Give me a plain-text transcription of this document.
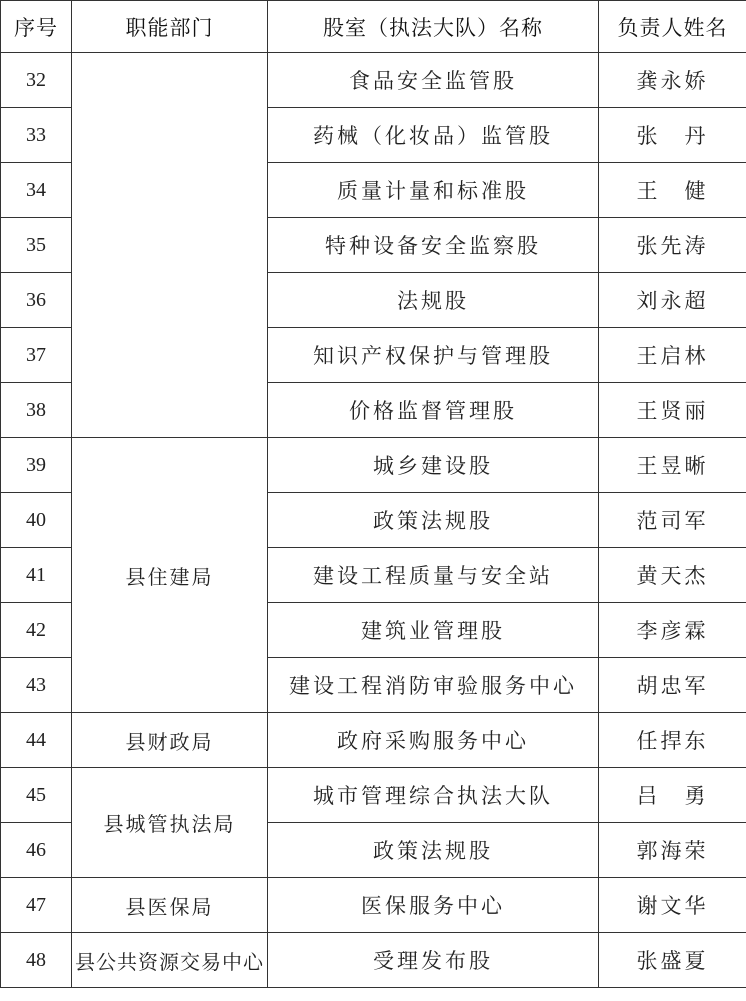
序号	职能部门	股室（执法大队）名称	负责人姓名
32		食品安全监管股	龚永娇
33		药械（化妆品）监管股	张　丹
34		质量计量和标准股	王　健
35		特种设备安全监察股	张先涛
36		法规股	刘永超
37		知识产权保护与管理股	王启林
38		价格监督管理股	王贤丽
39	县住建局	城乡建设股	王昱晰
40		政策法规股	范司军
41		建设工程质量与安全站	黄天杰
42		建筑业管理股	李彦霖
43		建设工程消防审验服务中心	胡忠军
44	县财政局	政府采购服务中心	任捍东
45	县城管执法局	城市管理综合执法大队	吕　勇
46		政策法规股	郭海荣
47	县医保局	医保服务中心	谢文华
48	县公共资源交易中心	受理发布股	张盛夏
